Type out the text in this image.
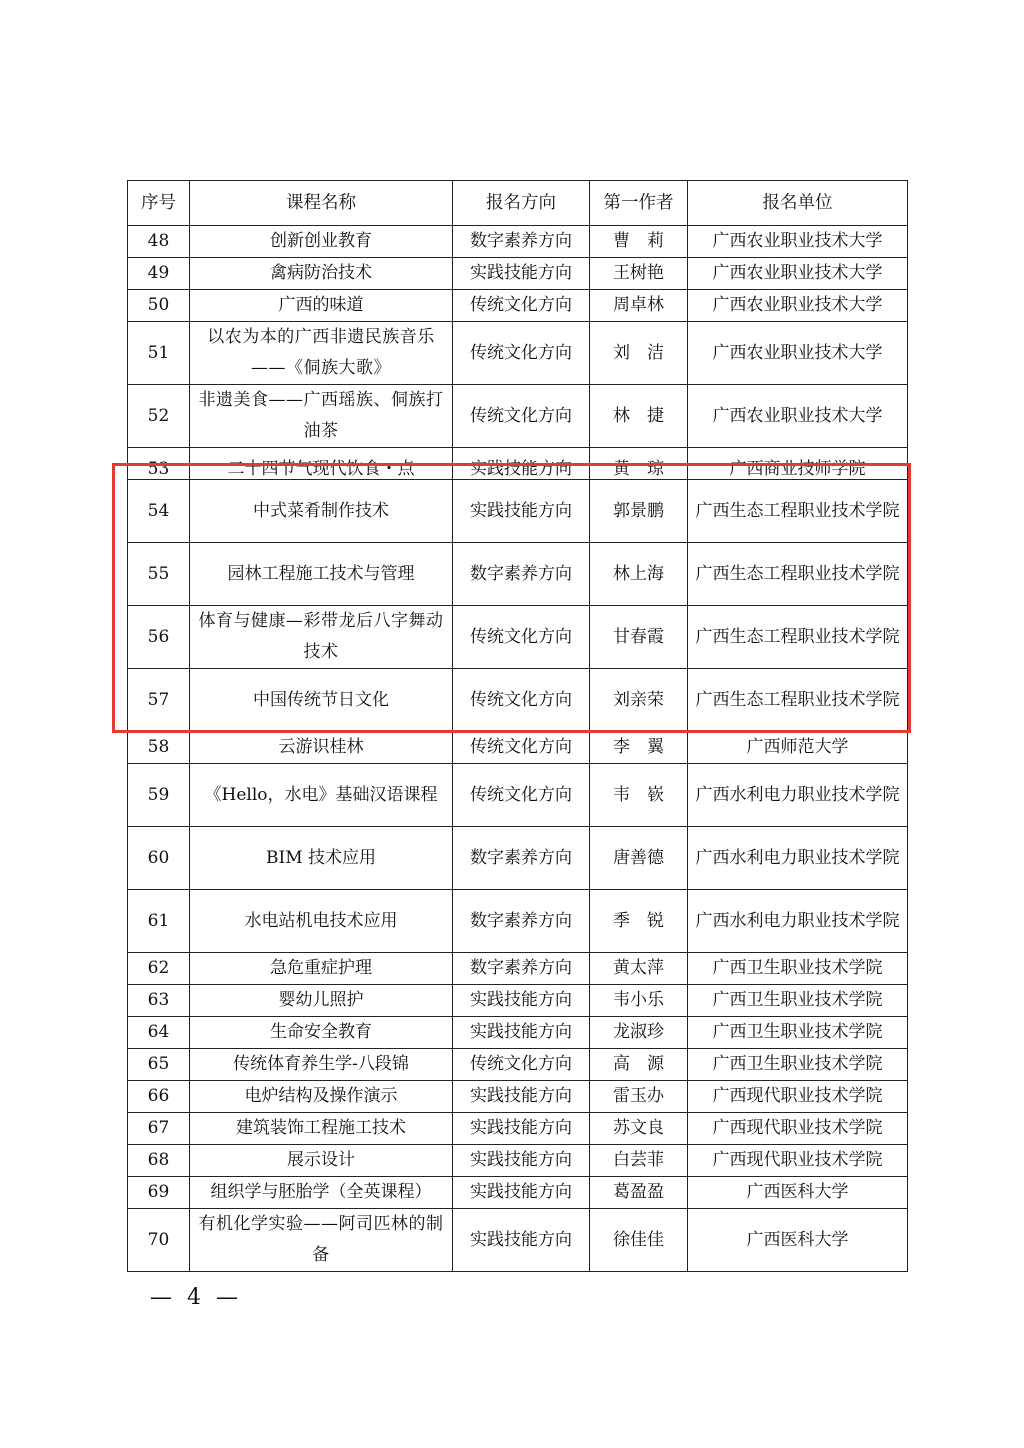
序号	课程名称	报名方向	第一作者	报名单位
48	创新创业教育	数字素养方向	曹　莉	广西农业职业技术大学
49	禽病防治技术	实践技能方向	王树艳	广西农业职业技术大学
50	广西的味道	传统文化方向	周卓林	广西农业职业技术大学
51	以农为本的广西非遗民族音乐——《侗族大歌》	传统文化方向	刘　洁	广西农业职业技术大学
52	非遗美食——广西瑶族、侗族打油茶	传统文化方向	林　捷	广西农业职业技术大学
53	二十四节气现代饮食・点	实践技能方向	黄　琼	广西商业技师学院
54	中式菜肴制作技术	实践技能方向	郭景鹏	广西生态工程职业技术学院
55	园林工程施工技术与管理	数字素养方向	林上海	广西生态工程职业技术学院
56	体育与健康—彩带龙后八字舞动技术	传统文化方向	甘春霞	广西生态工程职业技术学院
57	中国传统节日文化	传统文化方向	刘亲荣	广西生态工程职业技术学院
58	云游识桂林	传统文化方向	李　翼	广西师范大学
59	《Hello，水电》基础汉语课程	传统文化方向	韦　嵚	广西水利电力职业技术学院
60	BIM 技术应用	数字素养方向	唐善德	广西水利电力职业技术学院
61	水电站机电技术应用	数字素养方向	季　锐	广西水利电力职业技术学院
62	急危重症护理	数字素养方向	黄太萍	广西卫生职业技术学院
63	婴幼儿照护	实践技能方向	韦小乐	广西卫生职业技术学院
64	生命安全教育	实践技能方向	龙淑珍	广西卫生职业技术学院
65	传统体育养生学-八段锦	传统文化方向	高　源	广西卫生职业技术学院
66	电炉结构及操作演示	实践技能方向	雷玉办	广西现代职业技术学院
67	建筑装饰工程施工技术	实践技能方向	苏文良	广西现代职业技术学院
68	展示设计	实践技能方向	白芸菲	广西现代职业技术学院
69	组织学与胚胎学（全英课程）	实践技能方向	葛盈盈	广西医科大学
70	有机化学实验——阿司匹林的制备	实践技能方向	徐佳佳	广西医科大学
— 4 —
